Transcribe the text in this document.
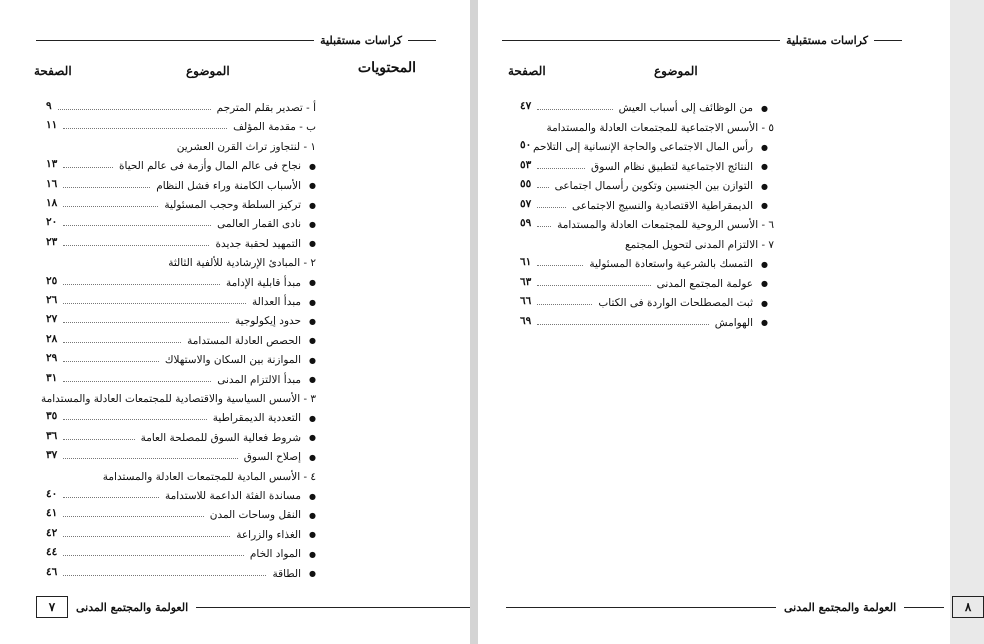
كراسات مستقبلية
المحتويات
الموضوع
الصفحة
أ - تصدير بقلم المترجم
٩
ب - مقدمة المؤلف
١١
١ - لنتجاوز تراث القرن العشرين
●
نجاح فى عالم المال وأزمة فى عالم الحياة
١٣
●
الأسباب الكامنة وراء فشل النظام
١٦
●
تركيز السلطة وحجب المسئولية
١٨
●
نادى القمار العالمى
٢٠
●
التمهيد لحقبة جديدة
٢٣
٢ - المبادئ الإرشادية للألفية الثالثة
●
مبدأ قابلية الإدامة
٢٥
●
مبدأ العدالة
٢٦
●
حدود إيكولوجية
٢٧
●
الحصص العادلة المستدامة
٢٨
●
الموازنة بين السكان والاستهلاك
٢٩
●
مبدأ الالتزام المدنى
٣١
٣ - الأسس السياسية والاقتصادية للمجتمعات العادلة والمستدامة
●
التعددية الديمقراطية
٣٥
●
شروط فعالية السوق للمصلحة العامة
٣٦
●
إصلاح السوق
٣٧
٤ - الأسس المادية للمجتمعات العادلة والمستدامة
●
مساندة الفئة الداعمة للاستدامة
٤٠
●
النقل وساحات المدن
٤١
●
الغذاء والزراعة
٤٢
●
المواد الخام
٤٤
●
الطاقة
٤٦
٧	العولمة والمجتمع المدنى
كراسات مستقبلية
الموضوع
الصفحة
●
من الوظائف إلى أسباب العيش
٤٧
٥ - الأسس الاجتماعية للمجتمعات العادلة والمستدامة
●
رأس المال الاجتماعى والحاجة الإنسانية إلى التلاحم
٥٠
●
النتائج الاجتماعية لتطبيق نظام السوق
٥٣
●
التوازن بين الجنسين وتكوين رأسمال اجتماعى
٥٥
●
الديمقراطية الاقتصادية والنسيج الاجتماعى
٥٧
٦ - الأسس الروحية للمجتمعات العادلة والمستدامة
٥٩
٧ - الالتزام المدنى لتحويل المجتمع
●
التمسك بالشرعية واستعادة المسئولية
٦١
●
عولمة المجتمع المدنى
٦٣
●
ثبت المصطلحات الواردة فى الكتاب
٦٦
●
الهوامش
٦٩
العولمة والمجتمع المدنى	٨
